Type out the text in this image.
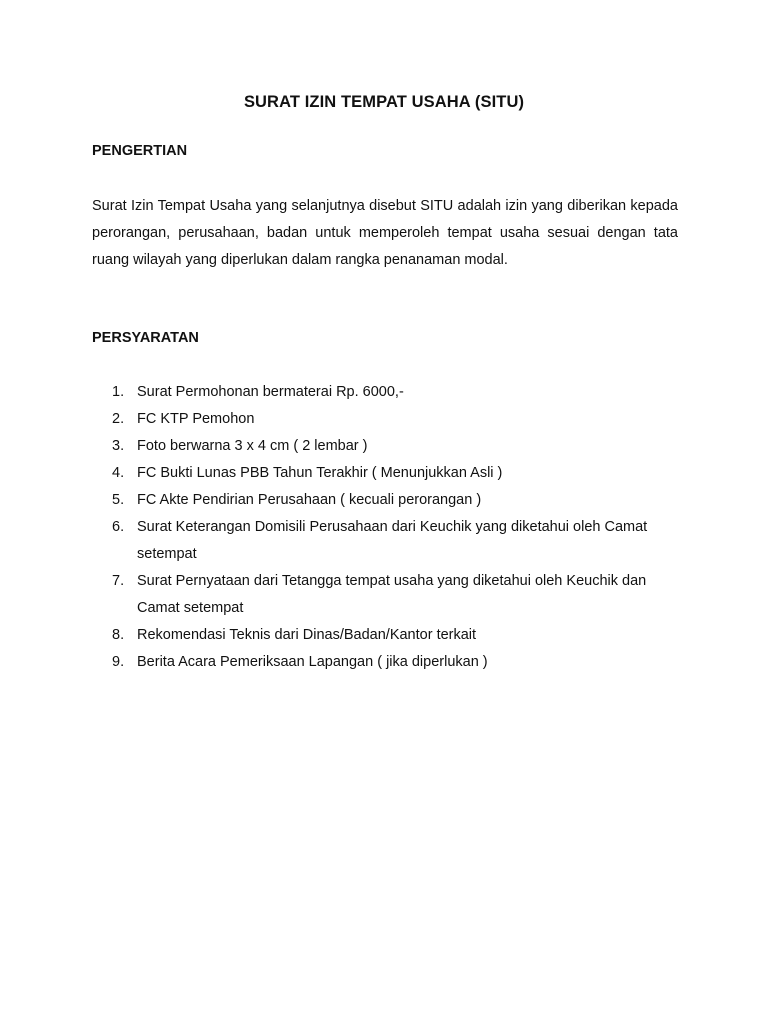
SURAT IZIN TEMPAT USAHA (SITU)
PENGERTIAN

Surat Izin Tempat Usaha yang selanjutnya disebut SITU adalah izin yang diberikan kepada perorangan, perusahaan, badan untuk memperoleh tempat usaha sesuai dengan tata ruang wilayah yang diperlukan dalam rangka penanaman modal.

PERSYARATAN
1. Surat Permohonan bermaterai Rp. 6000,-
2. FC KTP Pemohon
3. Foto berwarna 3 x 4 cm ( 2 lembar )
4. FC Bukti Lunas PBB Tahun Terakhir ( Menunjukkan Asli )
5. FC Akte Pendirian Perusahaan ( kecuali perorangan )
6. Surat Keterangan Domisili Perusahaan dari Keuchik yang diketahui oleh Camat setempat
7. Surat Pernyataan dari Tetangga tempat usaha yang diketahui oleh Keuchik dan Camat setempat
8. Rekomendasi Teknis dari Dinas/Badan/Kantor terkait
9. Berita Acara Pemeriksaan Lapangan ( jika diperlukan )
